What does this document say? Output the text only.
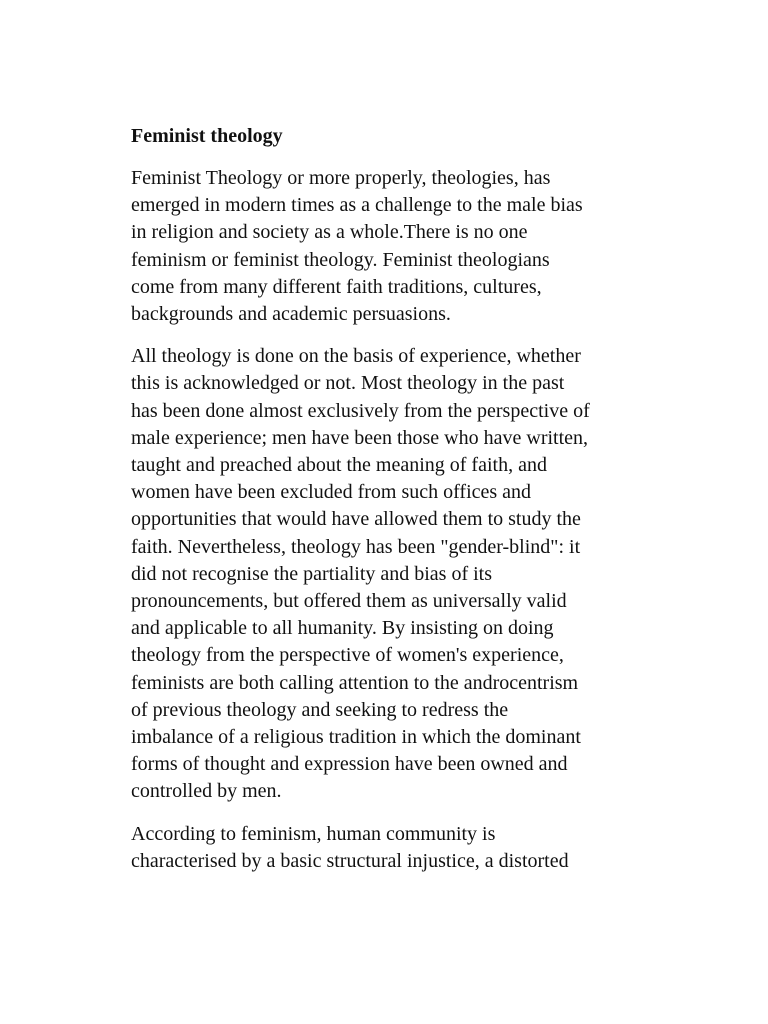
Feminist theology

Feminist Theology or more properly, theologies, has
emerged in modern times as a challenge to the male bias
in religion and society as a whole.There is no one
feminism or feminist theology. Feminist theologians
come from many different faith traditions, cultures,
backgrounds and academic persuasions.

All theology is done on the basis of experience, whether
this is acknowledged or not. Most theology in the past
has been done almost exclusively from the perspective of
male experience; men have been those who have written,
taught and preached about the meaning of faith, and
women have been excluded from such offices and
opportunities that would have allowed them to study the
faith. Nevertheless, theology has been "gender-blind": it
did not recognise the partiality and bias of its
pronouncements, but offered them as universally valid
and applicable to all humanity. By insisting on doing
theology from the perspective of women's experience,
feminists are both calling attention to the androcentrism
of previous theology and seeking to redress the
imbalance of a religious tradition in which the dominant
forms of thought and expression have been owned and
controlled by men.

According to feminism, human community is
characterised by a basic structural injustice, a distorted
